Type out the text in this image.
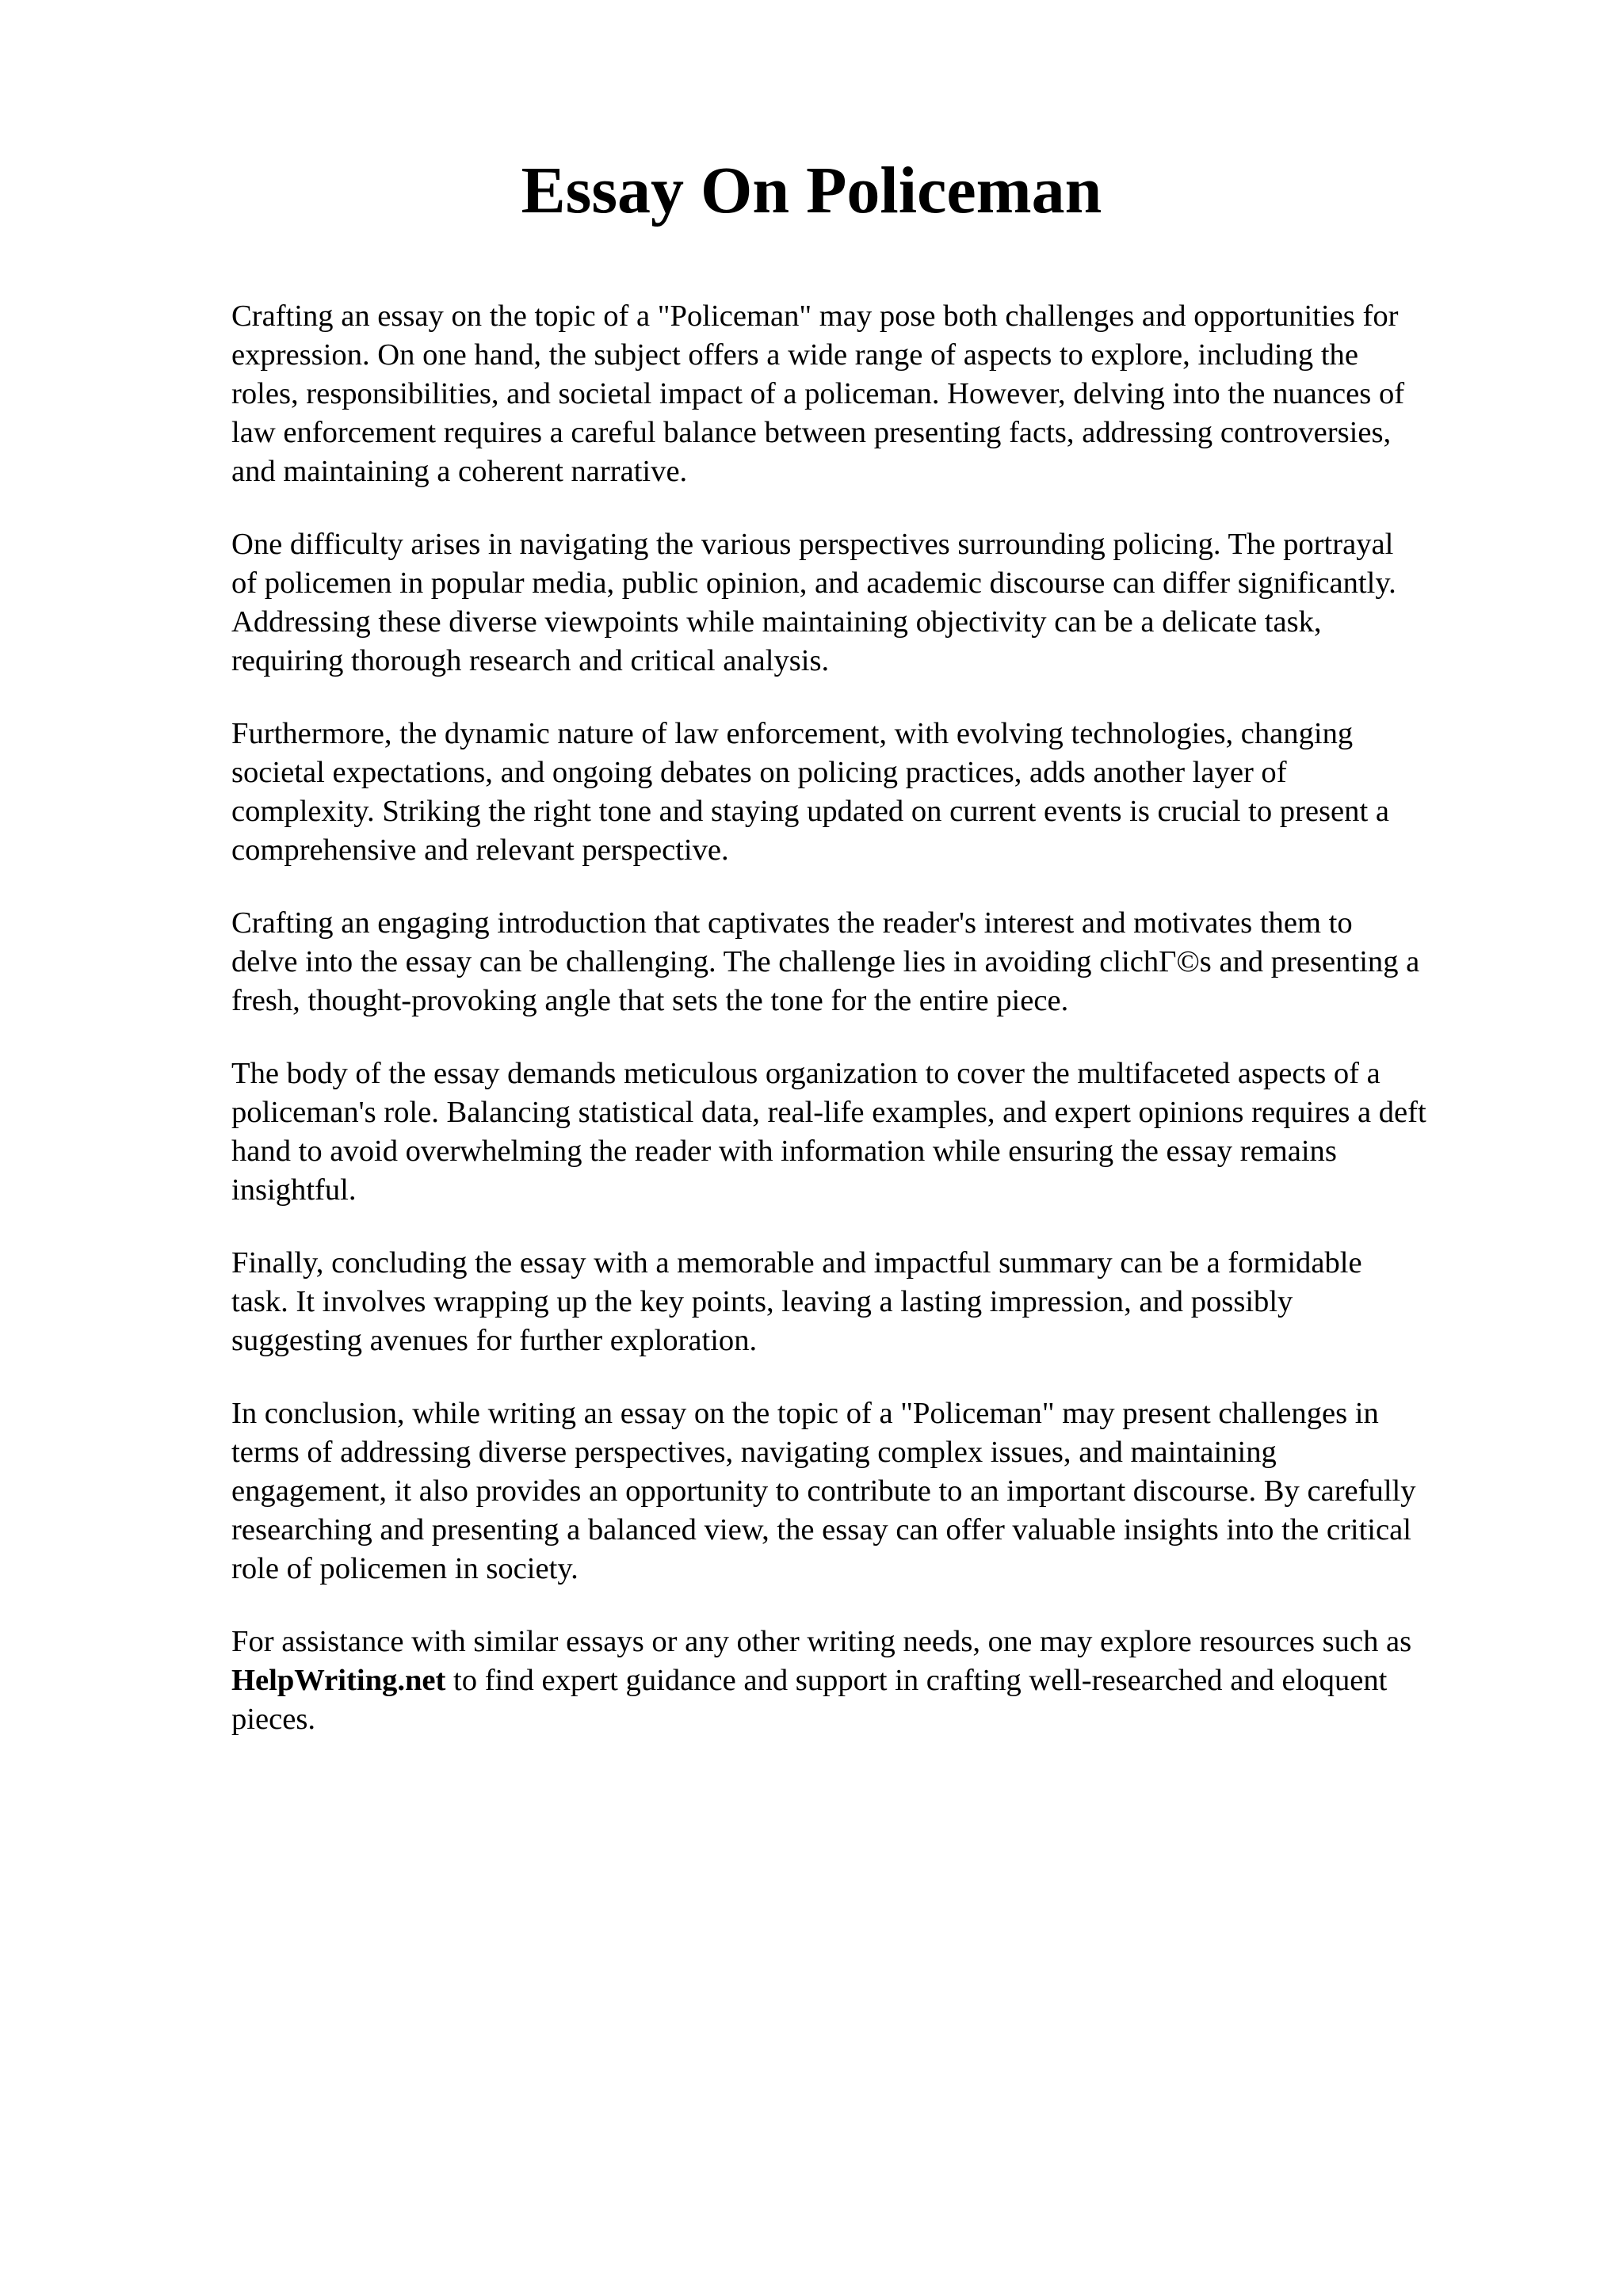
Essay On Policeman

Crafting an essay on the topic of a "Policeman" may pose both challenges and opportunities for
expression. On one hand, the subject offers a wide range of aspects to explore, including the
roles, responsibilities, and societal impact of a policeman. However, delving into the nuances of
law enforcement requires a careful balance between presenting facts, addressing controversies,
and maintaining a coherent narrative.

One difficulty arises in navigating the various perspectives surrounding policing. The portrayal
of policemen in popular media, public opinion, and academic discourse can differ significantly.
Addressing these diverse viewpoints while maintaining objectivity can be a delicate task,
requiring thorough research and critical analysis.

Furthermore, the dynamic nature of law enforcement, with evolving technologies, changing
societal expectations, and ongoing debates on policing practices, adds another layer of
complexity. Striking the right tone and staying updated on current events is crucial to present a
comprehensive and relevant perspective.

Crafting an engaging introduction that captivates the reader's interest and motivates them to
delve into the essay can be challenging. The challenge lies in avoiding clichΓ©s and presenting a
fresh, thought-provoking angle that sets the tone for the entire piece.

The body of the essay demands meticulous organization to cover the multifaceted aspects of a
policeman's role. Balancing statistical data, real-life examples, and expert opinions requires a deft
hand to avoid overwhelming the reader with information while ensuring the essay remains
insightful.

Finally, concluding the essay with a memorable and impactful summary can be a formidable
task. It involves wrapping up the key points, leaving a lasting impression, and possibly
suggesting avenues for further exploration.

In conclusion, while writing an essay on the topic of a "Policeman" may present challenges in
terms of addressing diverse perspectives, navigating complex issues, and maintaining
engagement, it also provides an opportunity to contribute to an important discourse. By carefully
researching and presenting a balanced view, the essay can offer valuable insights into the critical
role of policemen in society.

For assistance with similar essays or any other writing needs, one may explore resources such as
HelpWriting.net to find expert guidance and support in crafting well-researched and eloquent
pieces.
